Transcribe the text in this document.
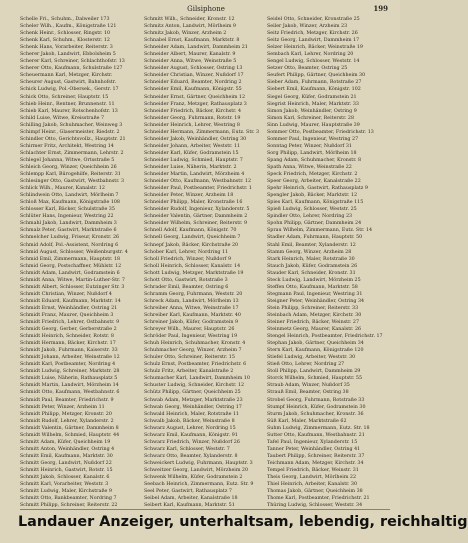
Gilsiphone	199
Schelle Fri., Schuhm., Dalweiler 173
Scheler Wilh., Kaufm., Königstraße 121
Schenk Heinr., Schlosser, Ringstr. 10
Schenk Karl, Schuhm., Klosterstr. 12
Schenk Hans, Vorarbeiter, Reiterstr. 3
Scherer Jakob, Landwirt, Ebbolsheim 5
Scherer Karl, Schreiner, Schlachthofstr. 13
Scherer Otto, Kaufmann, Schulstraße 127
Scheuermann Karl, Metzger, Kirchstr.
Scheurer August, Gastwirt, Bahnhofstr.
Schick Ludwig, Pol.-Obersek., Gerstr. 17
Schick Otto, Schreiner, Hauptstr. 15
Schieb Heinr., Rentner, Brunnenstr. 11
Schieb Karl, Maurer, Rotschenhofstr. 13
Schild Luise, Witwe, Kreisstraße 7
Schilling Jakob, Schuhmacher, Weinweg 3
Schimpf Heinr., Glasermeister, Riedstr. 2
Schindler Otto, Gerichtsvollz., Hauptstr. 21
Schirmer Fritz, Architekt, Westring 14
Schlachter Ernst, Zimmermann, Lehrstr. 2
Schlegel Johanna, Witwe, Ortsstraße 5
Schleich Georg, Winzer, Queichheim 26
Schlempp Karl, Bürogehilfe, Reiterstr. 31
Schlesinger Otto, Gastwirt, Westbahnstr. 3
Schlick Wilh., Maurer, Kanalstr. 12
Schlindwein Otto, Landwirt, Mörlheim 7
Schloß Max, Kaufmann, Königstraße 108
Schlosser Karl, Bäcker, Schulstraße 35
Schlüter Hans, Ingenieur, Westring 22
Schmahl Jakob, Landwirt, Dammheim 3
Schmalz Peter, Gastwirt, Marktstraße 6
Schmelcher Ludwig, Friseur, Kronstr. 26
Schmid Adolf, Pol.-Assistent, Nordring 6
Schmid August, Schlosser, Weißenburgstr. 4
Schmid Emil, Zimmermann, Hauptstr. 18
Schmid Georg, Postschaffner, Mühlstr. 12
Schmidt Adam, Landwirt, Godramstein 6
Schmidt Anna, Witwe, Martin-Luther-Str. 7
Schmidt Albert, Schlosser, Eutzinger Str. 3
Schmidt Christian, Winzer, Nußdorf 4
Schmidt Eduard, Kaufmann, Marktstr. 14
Schmidt Ernst, Weinhändler, Ostring 21
Schmidt Franz, Maurer, Queichheim 3
Schmidt Friedrich, Lehrer, Ostbahnstr. 9
Schmidt Georg, Gerber, Gerberstraße 2
Schmidt Heinrich, Schneider, Rotstr. 8
Schmidt Hermann, Bäcker, Kirchstr. 17
Schmidt Jakob, Fuhrmann, Kaiserstr. 33
Schmidt Johann, Arbeiter, Weinstraße 12
Schmidt Karl, Postbeamter, Nordring 4
Schmidt Ludwig, Schreiner, Marktstr. 28
Schmidt Luise, Näherin, Rathausplatz 5
Schmidt Martin, Landwirt, Mörzheim 14
Schmidt Otto, Kaufmann, Westbahnstr. 6
Schmidt Paul, Beamter, Friedrichstr. 9
Schmidt Peter, Winzer, Arzheim 11
Schmidt Philipp, Metzger, Kronstr. 20
Schmidt Rudolf, Lehrer, Xylanderstr. 2
Schmidt Valentin, Gärtner, Dammheim 8
Schmidt Wilhelm, Schmied, Hauptstr. 44
Schmitt Adam, Küfer, Queichheim 19
Schmitt Anton, Weinhändler, Ostring 4
Schmitt Emil, Kaufmann, Marktstr. 30
Schmitt Georg, Landwirt, Nußdorf 22
Schmitt Heinrich, Gastwirt, Rotstr. 15
Schmitt Jakob, Schlosser, Kanalstr. 6
Schmitt Karl, Vorarbeiter, Weststr. 3
Schmitt Ludwig, Maler, Kirchstraße 9
Schmitt Otto, Bankbeamter, Nordring 7
Schmitt Philipp, Schreiner, Reiterstr. 22
Schmitt Wilh., Schneider, Kronstr. 12
Schmitz Anton, Landwirt, Mörlheim 9
Schmitz Jakob, Winzer, Arzheim 2
Schnabel Ernst, Kaufmann, Marktstr. 8
Schneider Adam, Landwirt, Dammheim 21
Schneider Albert, Maurer, Kanalstr. 9
Schneider Anna, Witwe, Weinstraße 5
Schneider August, Schlosser, Ostring 13
Schneider Christian, Winzer, Nußdorf 17
Schneider Eduard, Beamter, Nordring 2
Schneider Emil, Kaufmann, Königstr. 55
Schneider Ernst, Gärtner, Queichheim 12
Schneider Franz, Metzger, Rathausplatz 3
Schneider Friedrich, Bäcker, Kirchstr. 4
Schneider Georg, Fuhrmann, Rotstr. 19
Schneider Heinrich, Lehrer, Westring 8
Schneider Hermann, Zimmermann, Eutz. Str. 3
Schneider Jakob, Weinhändler, Ostring 30
Schneider Johann, Arbeiter, Weststr. 11
Schneider Karl, Küfer, Godramstein 15
Schneider Ludwig, Schmied, Hauptstr. 7
Schneider Luise, Näherin, Marktstr. 2
Schneider Martin, Landwirt, Mörzheim 4
Schneider Otto, Kaufmann, Westbahnstr. 12
Schneider Paul, Postbeamter, Friedrichstr. 1
Schneider Peter, Winzer, Arzheim 18
Schneider Philipp, Maler, Kronstraße 16
Schneider Rudolf, Ingenieur, Xylanderstr. 5
Schneider Valentin, Gärtner, Dammheim 2
Schneider Wilhelm, Schreiner, Reiterstr. 9
Schnell Adolf, Kaufmann, Königstr. 70
Schnell Georg, Landwirt, Queichheim 7
Schnepf Jakob, Bäcker, Kirchstraße 20
Schober Karl, Lehrer, Nordring 11
Scholl Friedrich, Winzer, Nußdorf 9
Scholl Heinrich, Schlosser, Kanalstr. 14
Schott Ludwig, Metzger, Marktstraße 19
Schott Otto, Gastwirt, Rotstraße 3
Schrader Emil, Beamter, Ostring 6
Schramm Georg, Fuhrmann, Weststr. 20
Schreck Adam, Landwirt, Mörlheim 13
Schreiber Anna, Witwe, Weinstraße 17
Schreiber Karl, Kaufmann, Marktstr. 40
Schreiner Jakob, Küfer, Godramstein 9
Schreyer Wilh., Maurer, Hauptstr. 26
Schröder Paul, Ingenieur, Westring 19
Schuh Heinrich, Schuhmacher, Kronstr. 4
Schuhmacher Georg, Winzer, Arzheim 7
Schuler Otto, Schreiner, Reiterstr. 15
Schulz Ernst, Postbeamter, Friedrichstr. 6
Schulz Fritz, Arbeiter, Kanalstraße 2
Schumacher Karl, Landwirt, Dammheim 10
Schuster Ludwig, Schneider, Kirchstr. 12
Schütz Philipp, Gärtner, Queichheim 25
Schwab Adam, Metzger, Marktstraße 23
Schwab Georg, Weinhändler, Ostring 17
Schwald Heinrich, Maler, Rotstraße 11
Schwalb Jakob, Bäcker, Weinstraße 8
Schwarz August, Lehrer, Nordring 15
Schwarz Emil, Kaufmann, Königstr. 91
Schwarz Friedrich, Winzer, Nußdorf 26
Schwarz Karl, Schlosser, Weststr. 7
Schwarz Otto, Beamter, Xylanderstr. 8
Schweickert Ludwig, Fuhrmann, Hauptstr. 3
Schweitzer Georg, Landwirt, Mörzheim 20
Schwenk Wilhelm, Küfer, Godramstein 2
Seebach Heinrich, Zimmermann, Eutz. Str. 9
Seel Peter, Gastwirt, Rathausplatz 7
Seibel Adam, Arbeiter, Kanalstraße 18
Seibert Karl, Kaufmann, Marktstr. 51
Seidel Otto, Schneider, Kronstraße 25
Seiler Jakob, Winzer, Arzheim 23
Seitz Friedrich, Metzger, Kirchstr. 26
Seitz Georg, Landwirt, Dammheim 17
Selzer Heinrich, Bäcker, Weinstraße 19
Sembach Karl, Lehrer, Nordring 20
Sengel Ludwig, Schlosser, Weststr. 14
Setzer Otto, Beamter, Ostring 25
Seufert Philipp, Gärtner, Queichheim 30
Sieber Adam, Fuhrmann, Rotstraße 27
Siebert Emil, Kaufmann, Königstr. 102
Siegel Georg, Küfer, Godramstein 21
Siegrist Heinrich, Maler, Marktstr. 33
Simon Jakob, Weinhändler, Ostring 9
Simon Karl, Schreiner, Reiterstr. 28
Sinn Ludwig, Maurer, Hauptstraße 39
Sommer Otto, Postbeamter, Friedrichstr. 13
Sommer Paul, Ingenieur, Westring 27
Sonntag Peter, Winzer, Nußdorf 31
Sorg Philipp, Landwirt, Mörlheim 18
Spang Adam, Schuhmacher, Kronstr. 8
Spath Anna, Witwe, Weinstraße 22
Speck Friedrich, Metzger, Kirchstr. 2
Speer Georg, Arbeiter, Kanalstraße 22
Spehr Heinrich, Gastwirt, Rathausplatz 9
Spengler Jakob, Bäcker, Marktstr. 12
Spies Karl, Kaufmann, Königstraße 115
Spieß Ludwig, Schlosser, Weststr. 25
Spindler Otto, Lehrer, Nordring 23
Spohn Philipp, Gärtner, Dammheim 24
Sprau Wilhelm, Zimmermann, Eutz. Str. 14
Stadler Adam, Fuhrmann, Hauptstr. 50
Stahl Emil, Beamter, Xylanderstr. 12
Stamm Georg, Winzer, Arzheim 28
Stark Heinrich, Maler, Rotstraße 30
Stauch Jakob, Küfer, Godramstein 26
Stauder Karl, Schneider, Kronstr. 31
Steck Ludwig, Landwirt, Mörzheim 25
Steffen Otto, Kaufmann, Marktstr. 58
Stegmann Paul, Ingenieur, Westring 31
Steigner Peter, Weinhändler, Ostring 34
Stein Philipp, Schreiner, Reiterstr. 33
Steinbach Adam, Metzger, Kirchstr. 30
Steiner Friedrich, Bäcker, Weinstr. 27
Steinmetz Georg, Maurer, Kanalstr. 26
Stengel Heinrich, Postbeamter, Friedrichstr. 17
Stephan Jakob, Gärtner, Queichheim 34
Stern Karl, Kaufmann, Königstraße 120
Stiefel Ludwig, Arbeiter, Weststr. 30
Stieß Otto, Lehrer, Nordring 27
Stoll Philipp, Landwirt, Dammheim 29
Storck Wilhelm, Schmied, Hauptstr. 55
Straub Adam, Winzer, Nußdorf 35
Strauß Emil, Beamter, Ostring 38
Strobel Georg, Fuhrmann, Rotstraße 33
Stumpf Heinrich, Küfer, Godramstein 30
Sturm Jakob, Schuhmacher, Kronstr. 36
Süß Karl, Maler, Marktstraße 62
Suhm Ludwig, Zimmermann, Eutz. Str. 18
Sutter Otto, Kaufmann, Westbahnstr. 21
Tafel Paul, Ingenieur, Xylanderstr. 15
Tanner Peter, Weinhändler, Ostring 41
Taubert Philipp, Schreiner, Reiterstr. 37
Teichmann Adam, Metzger, Kirchstr. 34
Tempel Friedrich, Bäcker, Weinstr. 31
Theis Georg, Landwirt, Mörlheim 22
Thiel Heinrich, Arbeiter, Kanalstr. 30
Thomas Jakob, Gärtner, Queichheim 38
Thome Karl, Postbeamter, Friedrichstr. 21
Thüring Ludwig, Schlosser, Weststr. 34
Landauer Anzeiger, unterhaltsam, lebendig, reichhaltig
